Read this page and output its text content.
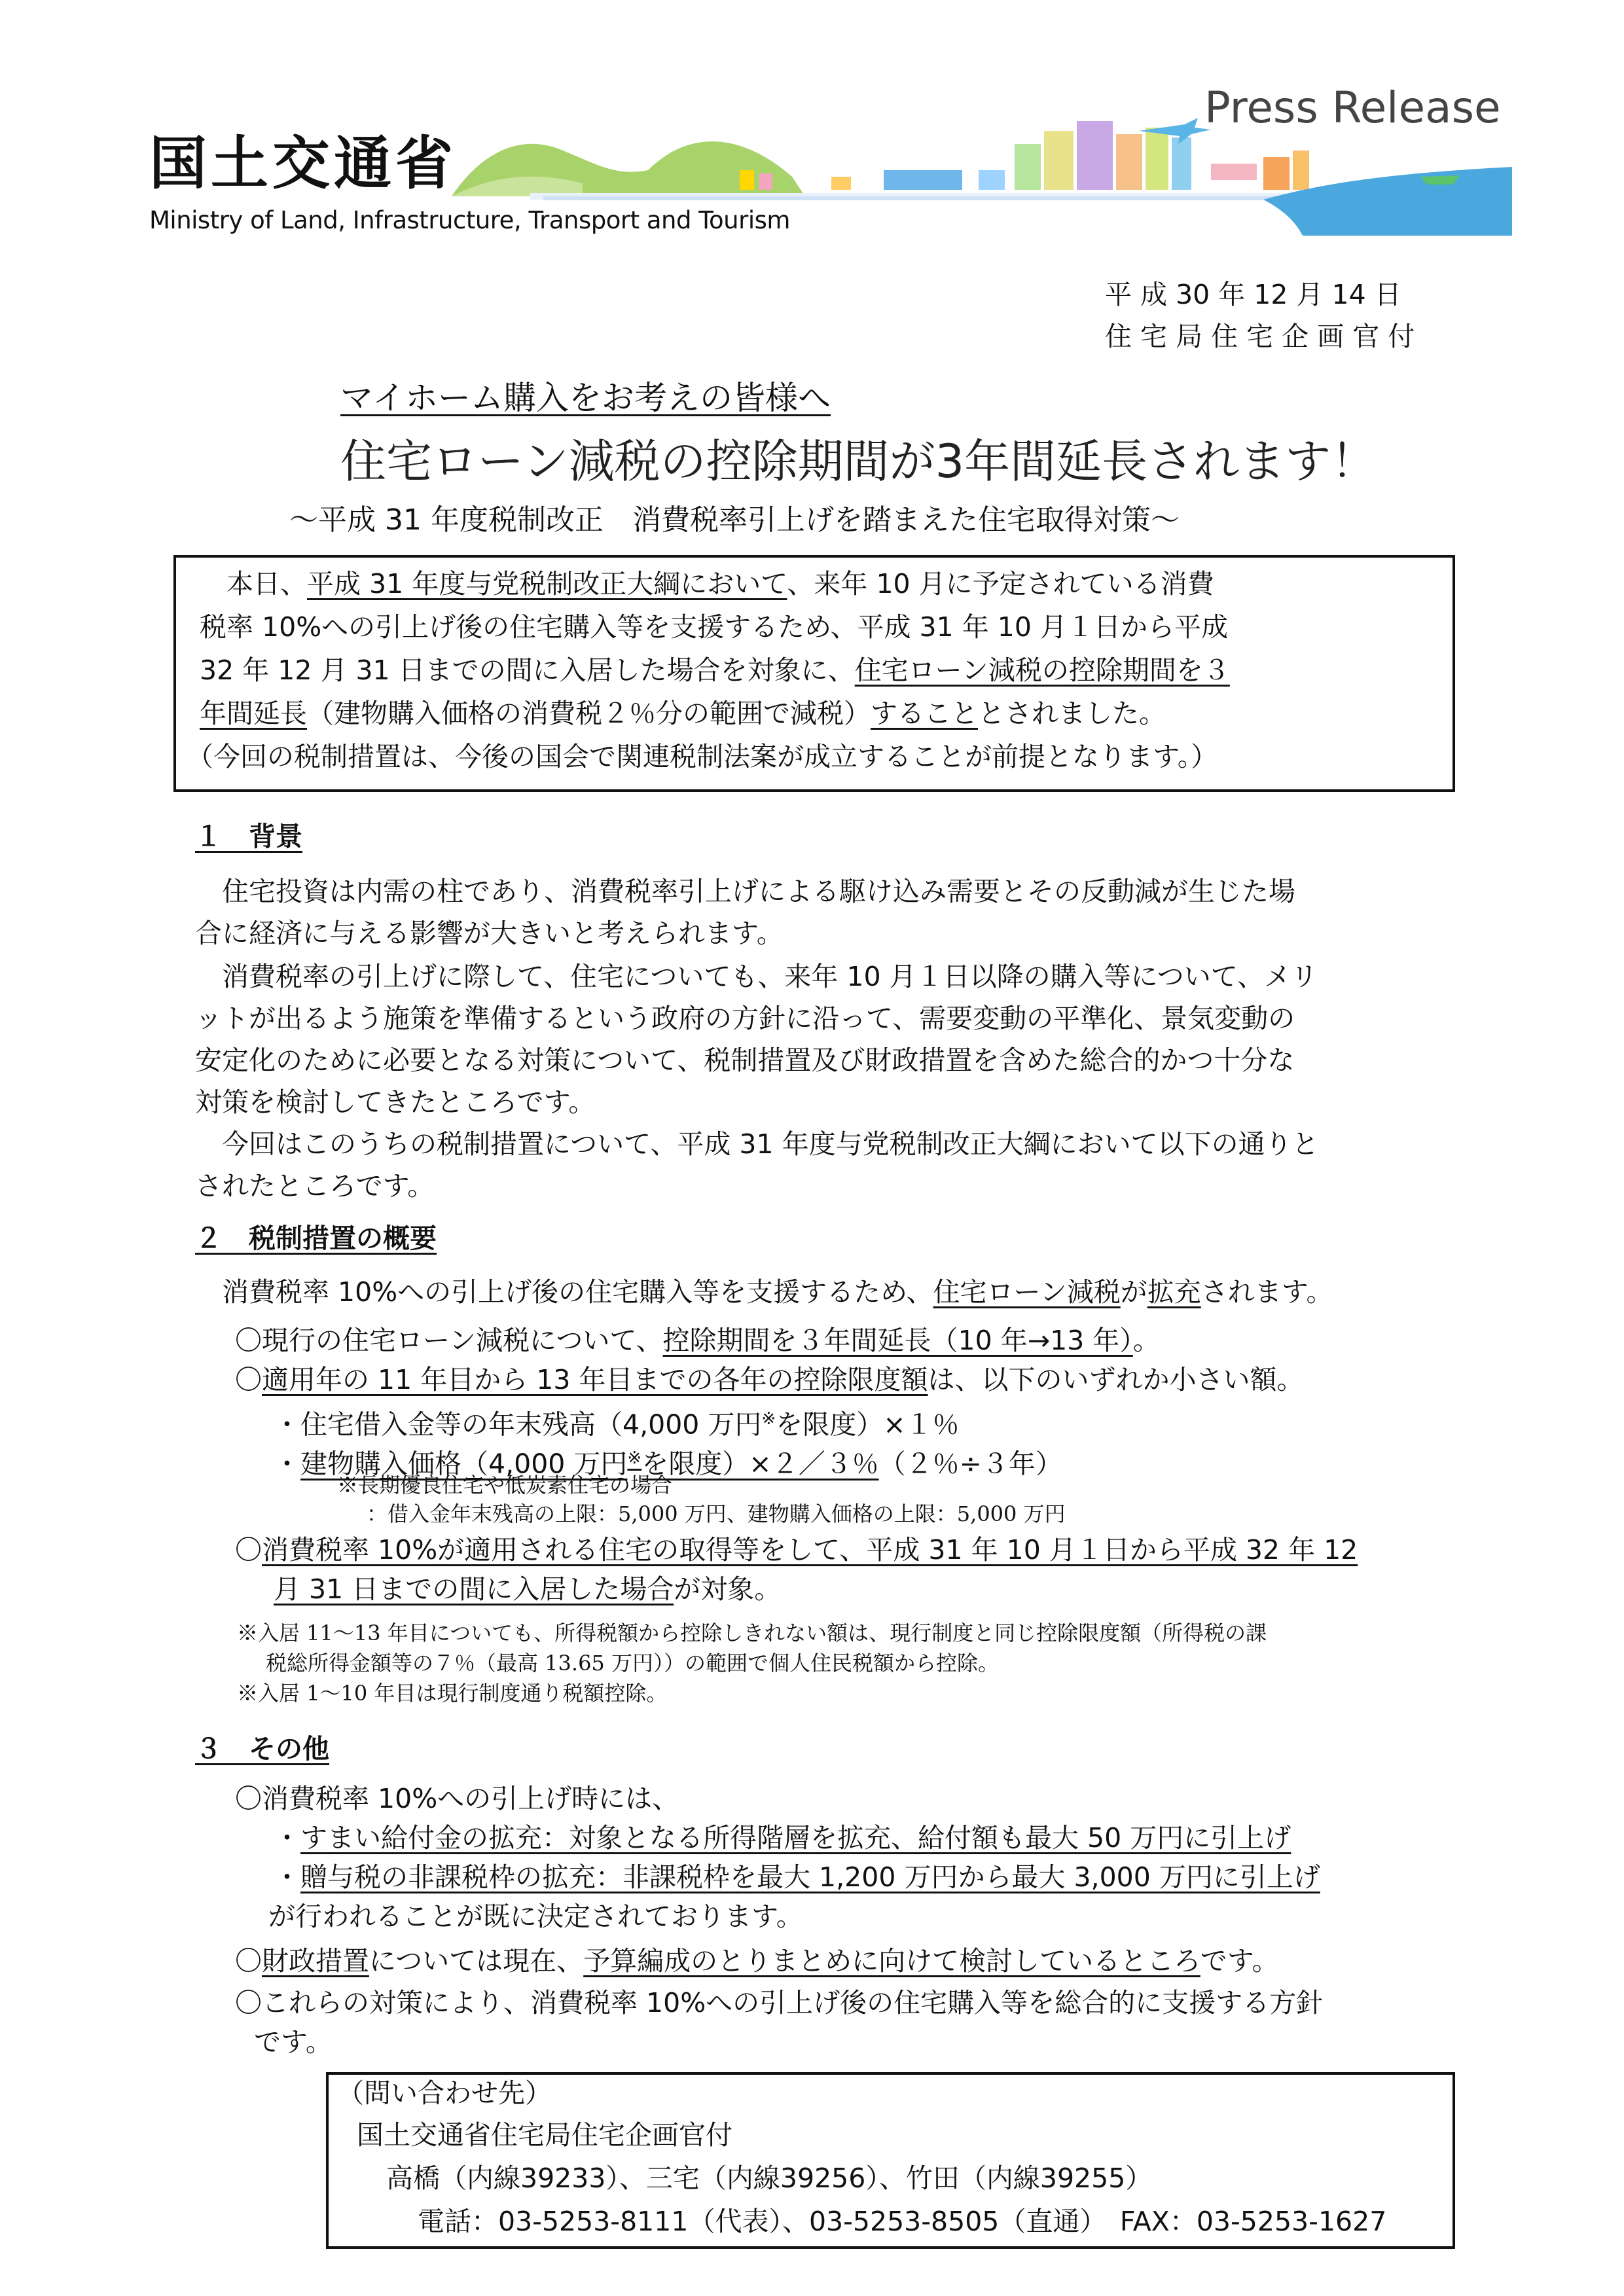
国土交通省
Ministry of Land, Infrastructure, Transport and Tourism
Press Release
平 成 30 年 12 月 14 日
住 宅 局 住 宅 企 画 官 付
マイホーム購入をお考えの皆様へ
住宅ローン減税の控除期間が3年間延長されます！
～平成 31 年度税制改正　消費税率引上げを踏まえた住宅取得対策～
　本日、平成 31 年度与党税制改正大綱において、来年 10 月に予定されている消費
税率 10%への引上げ後の住宅購入等を支援するため、平成 31 年 10 月１日から平成
32 年 12 月 31 日までの間に入居した場合を対象に、住宅ローン減税の控除期間を３
年間延長（建物購入価格の消費税２％分の範囲で減税）することとされました。
（今回の税制措置は、今後の国会で関連税制法案が成立することが前提となります。）
１　背景
　住宅投資は内需の柱であり、消費税率引上げによる駆け込み需要とその反動減が生じた場
合に経済に与える影響が大きいと考えられます。
　消費税率の引上げに際して、住宅についても、来年 10 月１日以降の購入等について、メリ
ットが出るよう施策を準備するという政府の方針に沿って、需要変動の平準化、景気変動の
安定化のために必要となる対策について、税制措置及び財政措置を含めた総合的かつ十分な
対策を検討してきたところです。
　今回はこのうちの税制措置について、平成 31 年度与党税制改正大綱において以下の通りと
されたところです。
２　税制措置の概要
　消費税率 10%への引上げ後の住宅購入等を支援するため、住宅ローン減税が拡充されます。
　〇現行の住宅ローン減税について、控除期間を３年間延長（10 年→13 年）。
　〇適用年の 11 年目から 13 年目までの各年の控除限度額は、以下のいずれか小さい額。
・住宅借入金等の年末残高（4,000 万円※を限度）×１％
・建物購入価格（4,000 万円※を限度）×２／３％（２％÷３年）
※長期優良住宅や低炭素住宅の場合
：借入金年末残高の上限：5,000 万円、建物購入価格の上限：5,000 万円
　〇消費税率 10%が適用される住宅の取得等をして、平成 31 年 10 月１日から平成 32 年 12
月 31 日までの間に入居した場合が対象。
※入居 11～13 年目についても、所得税額から控除しきれない額は、現行制度と同じ控除限度額（所得税の課
税総所得金額等の７％（最高 13.65 万円））の範囲で個人住民税額から控除。
※入居 1～10 年目は現行制度通り税額控除。
３　その他
　〇消費税率 10%への引上げ時には、
・すまい給付金の拡充：対象となる所得階層を拡充、給付額も最大 50 万円に引上げ
・贈与税の非課税枠の拡充：非課税枠を最大 1,200 万円から最大 3,000 万円に引上げ
が行われることが既に決定されております。
　〇財政措置については現在、予算編成のとりまとめに向けて検討しているところです。
　〇これらの対策により、消費税率 10%への引上げ後の住宅購入等を総合的に支援する方針
です。
（問い合わせ先）
国土交通省住宅局住宅企画官付
高橋（内線39233）、三宅（内線39256）、竹田（内線39255）
電話：03-5253-8111（代表）、03-5253-8505（直通）　FAX：03-5253-1627
